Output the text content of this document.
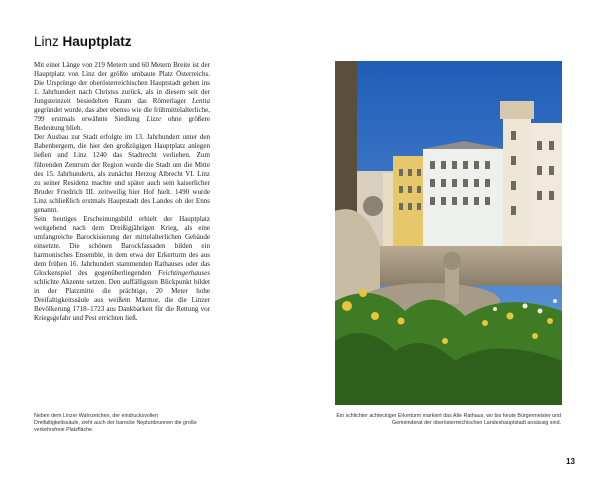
Linz Hauptplatz

Mit einer Länge von 219 Metern und 60 Metern Breite ist der Hauptplatz von Linz der größte umbaute Platz Österreichs. Die Ursprünge der oberösterreichischen Hauptstadt gehen ins 1. Jahrhundert nach Christus zurück, als in diesem seit der Jungsteinzeit besiedelten Raum das Römerlager Lentia gegründet wurde, das aber ebenso wie die frühmittelalterliche, 799 erstmals erwähnte Siedlung Lizze ohne größere Bedeutung blieb.

Der Ausbau zur Stadt erfolgte im 13. Jahrhundert unter den Babenbergern, die hier den großzügigen Hauptplatz anlegen ließen und Linz 1240 das Stadtrecht verliehen. Zum führenden Zentrum der Region wurde die Stadt um die Mitte des 15. Jahrhunderts, als zunächst Herzog Albrecht VI. Linz zu seiner Residenz machte und später auch sein kaiserlicher Bruder Friedrich III. zeitweilig hier Hof hielt. 1490 wurde Linz schließlich erstmals Hauptstadt des Landes ob der Enns genannt.

Sein heutiges Erscheinungsbild erhielt der Hauptplatz weitgehend nach dem Dreißigjährigen Krieg, als eine umfangreiche Barockisierung der mittelalterlichen Gebäude einsetzte. Die schönen Barockfassaden bilden ein harmonisches Ensemble, in dem etwa der Erkerturm des aus dem frühen 16. Jahrhundert stammenden Rathauses oder das Glockenspiel des gegenüberliegenden Feichtingerhauses schlichte Akzente setzen. Den auffälligsten Blickpunkt bildet in der Platzmitte die prächtige, 20 Meter hohe Dreifaltigkeitssäule aus weißem Marmor, die die Linzer Bevölkerung 1718–1723 aus Dankbarkeit für die Rettung vor Kriegsgefahr und Pest errichten ließ.

Neben dem Linzer Wahrzeichen, der eindrucksvollen Dreifaltigkeitssäule, zieht auch der barocke Neptunbrunnen die große verkehrsfreie Platzfläche.
Ein schlichter achteckiger Erkerturm markiert das Alte Rathaus, wo bis heute Bürgermeister und Gemeinderat der oberösterreichischen Landeshauptstadt ansässig sind.
13
